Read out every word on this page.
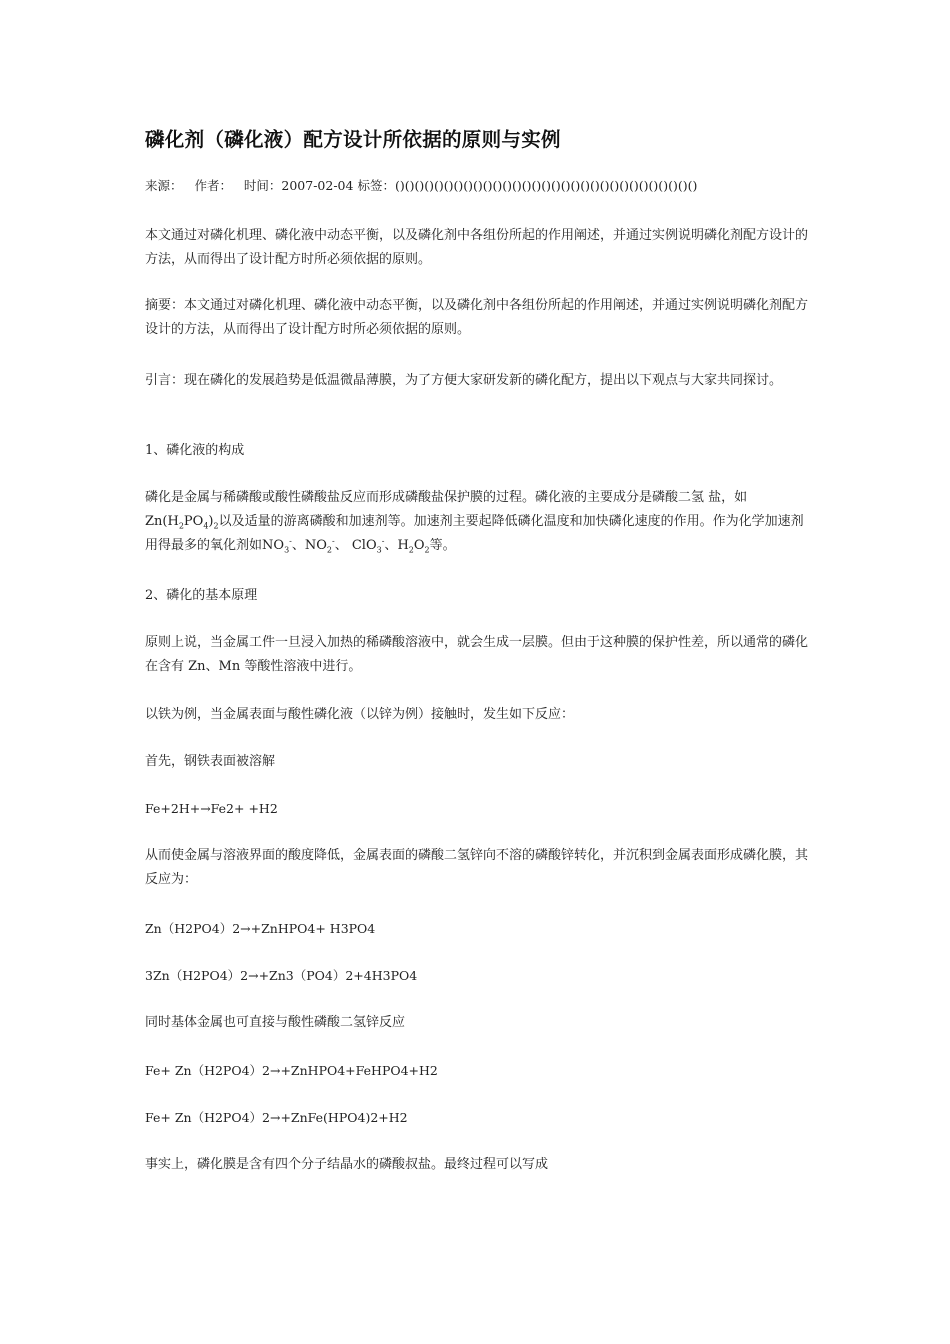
磷化剂（磷化液）配方设计所依据的原则与实例
来源： 作者： 时间：2007-02-04 标签：()()()()()()()()()()()()()()()()()()()()()()()()()()()()()()()

本文通过对磷化机理、磷化液中动态平衡，以及磷化剂中各组份所起的作用阐述，并通过实例说明磷化剂配方设计的方法，从而得出了设计配方时所必须依据的原则。

摘要：本文通过对磷化机理、磷化液中动态平衡，以及磷化剂中各组份所起的作用阐述，并通过实例说明磷化剂配方设计的方法，从而得出了设计配方时所必须依据的原则。

引言：现在磷化的发展趋势是低温微晶薄膜，为了方便大家研发新的磷化配方，提出以下观点与大家共同探讨。

1、磷化液的构成

磷化是金属与稀磷酸或酸性磷酸盐反应而形成磷酸盐保护膜的过程。磷化液的主要成分是磷酸二氢 盐，如$Zn(H_2PO_4)_2$以及适量的游离磷酸和加速剂等。加速剂主要起降低磷化温度和加快磷化速度的作用。作为化学加速剂用得最多的氧化剂如$NO_3^-$、$NO_2^-$、 ClO$_3$-、$H_2O_2$等。

2、磷化的基本原理

原则上说，当金属工件一旦浸入加热的稀磷酸溶液中，就会生成一层膜。但由于这种膜的保护性差，所以通常的磷化在含有 Zn、Mn 等酸性溶液中进行。

以铁为例，当金属表面与酸性磷化液（以锌为例）接触时，发生如下反应：

首先，钢铁表面被溶解

Fe+2H+→Fe2+ +H2

从而使金属与溶液界面的酸度降低，金属表面的磷酸二氢锌向不溶的磷酸锌转化，并沉积到金属表面形成磷化膜，其反应为：

Zn（H2PO4）2→+ZnHPO4+ H3PO4

3Zn（H2PO4）2→+Zn3（PO4）2+4H3PO4

同时基体金属也可直接与酸性磷酸二氢锌反应

Fe+ Zn（H2PO4）2→+ZnHPO4+FeHPO4+H2

Fe+ Zn（H2PO4）2→+ZnFe(HPO4)2+H2

事实上，磷化膜是含有四个分子结晶水的磷酸叔盐。最终过程可以写成
